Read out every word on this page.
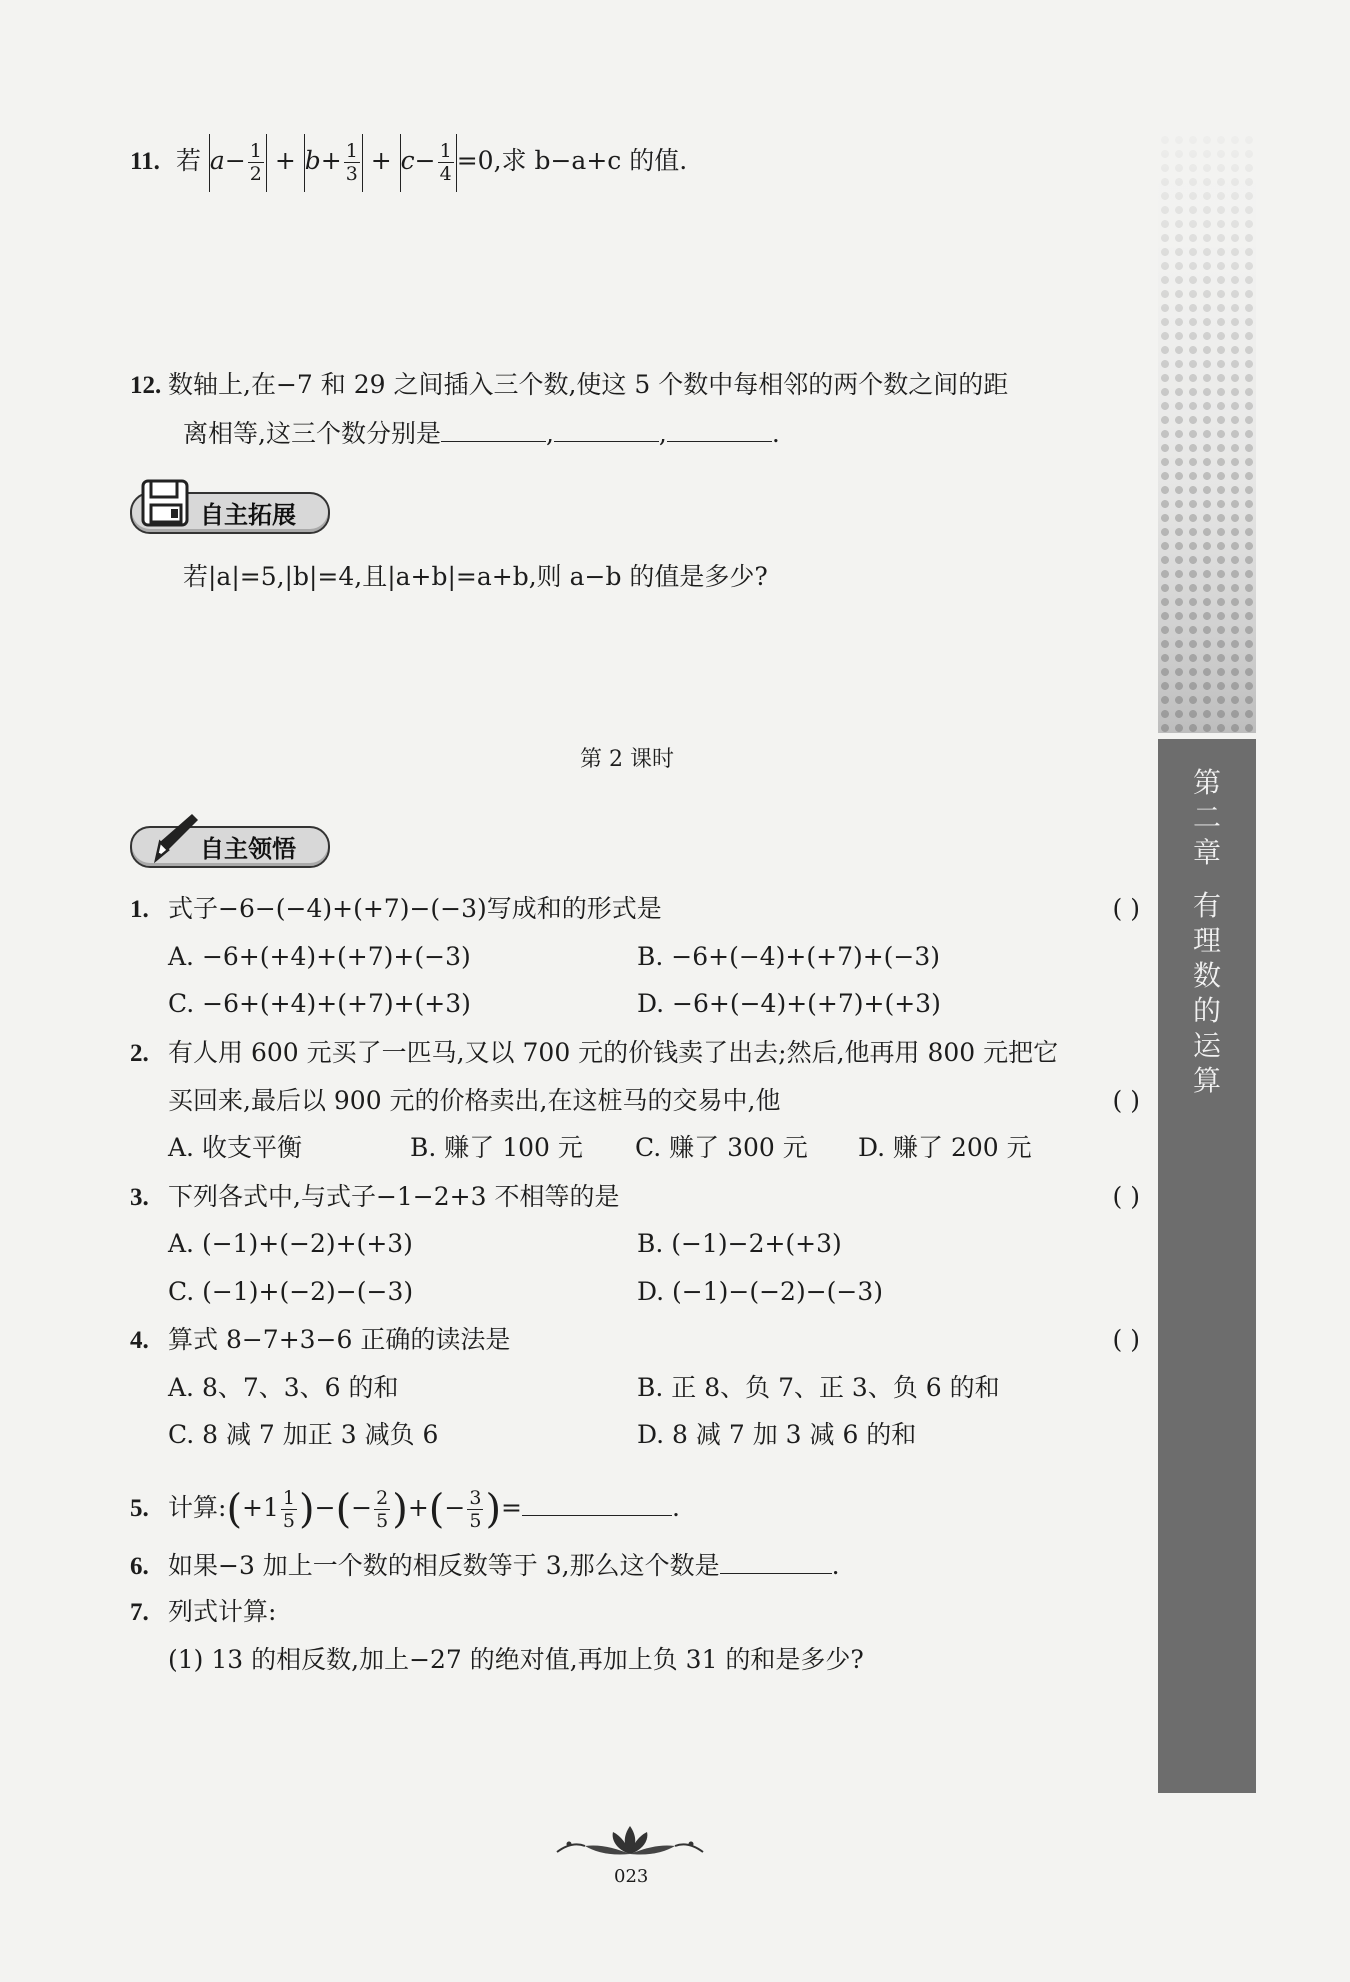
第
二
章
有
理
数
的
运
算
11. 若 $a- \frac{1}{2} + b+ \frac{1}{3} + c- \frac{1}{4} =0$,求 b−a+c 的值.
12. 数轴上,在−7 和 29 之间插入三个数,使这 5 个数中每相邻的两个数之间的距
离相等,这三个数分别是	,	,	.
自主拓展
若|a|=5,|b|=4,且|a+b|=a+b,则 a−b 的值是多少?
第 2 课时
自主领悟
1. 式子−6−(−4)+(+7)−(−3)写成和的形式是	( )
A. −6+(+4)+(+7)+(−3)	B. −6+(−4)+(+7)+(−3)
C. −6+(+4)+(+7)+(+3)	D. −6+(−4)+(+7)+(+3)
2. 有人用 600 元买了一匹马,又以 700 元的价钱卖了出去;然后,他再用 800 元把它
买回来,最后以 900 元的价格卖出,在这桩马的交易中,他	( )
A. 收支平衡	B. 赚了 100 元 C. 赚了 300 元 D. 赚了 200 元
3. 下列各式中,与式子−1−2+3 不相等的是	( )
A. (−1)+(−2)+(+3)	B. (−1)−2+(+3)
C. (−1)+(−2)−(−3)	D. (−1)−(−2)−(−3)
4. 算式 8−7+3−6 正确的读法是	( )
A. 8、7、3、6 的和	B. 正 8、负 7、正 3、负 6 的和
C. 8 减 7 加正 3 减负 6	D. 8 减 7 加 3 减 6 的和
5. 计算:(+1 $\frac{1}{5}$ )−(− $\frac{2}{5}$ )+(− $\frac{3}{5}$ )=	.
6. 如果−3 加上一个数的相反数等于 3,那么这个数是	.
7. 列式计算:
(1) 13 的相反数,加上−27 的绝对值,再加上负 31 的和是多少?
023
